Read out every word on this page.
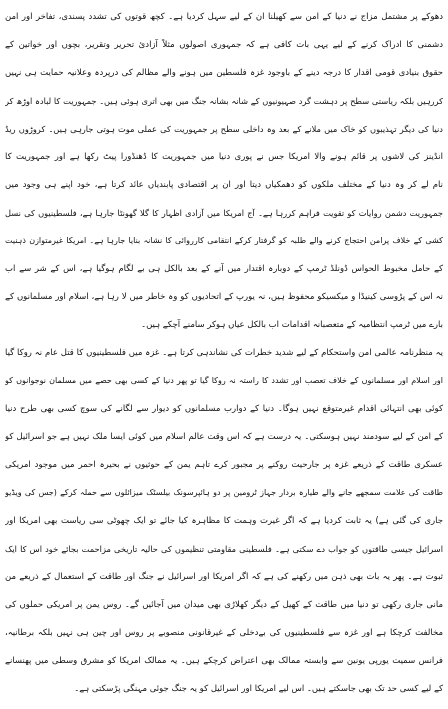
دھوکے پر مشتمل مزاج نے دنیا کے امن سے کھیلنا ان کے لیے سہل کردیا ہے۔ کچھ قوتوں کی تشدد پسندی، تفاخر اور امن
دشمنی کا ادراک کرنے کے لیے یہی بات کافی ہے کہ جمہوری اصولوں مثلاً آزادئ تحریر وتقریر، بچوں اور خواتین کے
حقوق بنیادی قومی اقدار کا درجہ دینے کے باوجود غزہ فلسطین میں ہونے والے مظالم کی درپردہ وعلانیہ حمایت ہی نہیں
کررہیں بلکہ ریاستی سطح پر دہشت گرد صہیونیوں کے شانہ بشانہ جنگ میں بھی اتری ہوئی ہیں۔ جمہوریت کا لبادہ اوڑھ کر
دنیا کی دیگر تہذیبوں کو خاک میں ملانے کے بعد وہ داخلی سطح پر جمہوریت کی عملی موت ہوتی جارہی ہیں۔ کروڑوں ریڈ
انڈینز کی لاشوں پر قائم ہونے والا امریکا جس نے پوری دنیا میں جمہوریت کا ڈھنڈورا پیٹ رکھا ہے اور جمہوریت کا
نام لے کر وہ دنیا کے مختلف ملکوں کو دھمکیاں دیتا اور ان پر اقتصادی پابندیاں عائد کرتا ہے، خود اپنے ہی وجود میں
جمہوریت دشمن روایات کو تقویت فراہم کررہا ہے۔ آج امریکا میں آزادی اظہار کا گلا گھونٹا جارہا ہے، فلسطینیوں کی نسل
کشی کے خلاف پرامن احتجاج کرنے والے طلبہ کو گرفتار کرکے انتقامی کارروائی کا نشانہ بنایا جارہا ہے۔ امریکا غیرمتوازن ذہنیت
کے حامل مخبوط الحواس ڈونلڈ ٹرمپ کے دوبارہ اقتدار میں آنے کے بعد بالکل ہی بے لگام ہوگیا ہے، اس کے شر سے اب
نہ اس کے پڑوسی کینیڈا و میکسیکو محفوظ ہیں، نہ یورپ کے اتحادیوں کو وہ خاطر میں لا رہا ہے، اسلام اور مسلمانوں کے
بارے میں ٹرمپ انتظامیہ کے متعصبانہ اقدامات اب بالکل عیاں ہوکر سامنے آچکے ہیں۔
یہ منظرنامہ عالمی امن واستحکام کے لیے شدید خطرات کی نشاندہی کرتا ہے۔ غزہ میں فلسطینیوں کا قتل عام نہ روکا گیا
اور اسلام اور مسلمانوں کے خلاف تعصب اور تشدد کا راستہ نہ روکا گیا تو پھر دنیا کے کسی بھی حصے میں مسلمان نوجوانوں کو
کوئی بھی انتہائی اقدام غیرمتوقع نہیں ہوگا۔ دنیا کے دوارب مسلمانوں کو دیوار سے لگانے کی سوچ کسی بھی طرح دنیا
کے امن کے لیے سودمند نہیں ہوسکتی۔ یہ درست ہے کہ اس وقت عالم اسلام میں کوئی ایسا ملک نہیں ہے جو اسرائیل کو
عسکری طاقت کے ذریعے غزہ پر جارحیت روکنے پر مجبور کرے تاہم یمن کے حوثیوں نے بحیرہ احمر میں موجود امریکی
طاقت کی علامت سمجھے جانے والے طیارہ بردار جہاز ٹرومین پر دو ہائپرسونک بیلسٹک میزائلوں سے حملہ کرکے (جس کی ویڈیو
جاری کی گئی ہے) یہ ثابت کردیا ہے کہ اگر غیرت وہمت کا مظاہرہ کیا جائے تو ایک چھوٹی سی ریاست بھی امریکا اور
اسرائیل جیسی طاقتوں کو جواب دے سکتی ہے۔ فلسطینی مقاومتی تنظیموں کی حالیہ تاریخی مزاحمت بجائے خود اس کا ایک
ثبوت ہے۔ پھر یہ بات بھی ذہن میں رکھنے کی ہے کہ اگر امریکا اور اسرائیل نے جنگ اور طاقت کے استعمال کے ذریعے من
مانی جاری رکھی تو دنیا میں طاقت کے کھیل کے دیگر کھلاڑی بھی میدان میں آجائیں گے۔ روس یمن پر امریکی حملوں کی
مخالفت کرچکا ہے اور غزہ سے فلسطینیوں کی بےدخلی کے غیرقانونی منصوبے پر روس اور چین ہی نہیں بلکہ برطانیہ،
فرانس سمیت یورپی یونین سے وابستہ ممالک بھی اعتراض کرچکے ہیں۔ یہ ممالک امریکا کو مشرق وسطی میں پھنسانے
کے لیے کسی حد تک بھی جاسکتے ہیں۔ اس لیے امریکا اور اسرائیل کو یہ جنگ جوئی مہنگی پڑسکتی ہے۔
